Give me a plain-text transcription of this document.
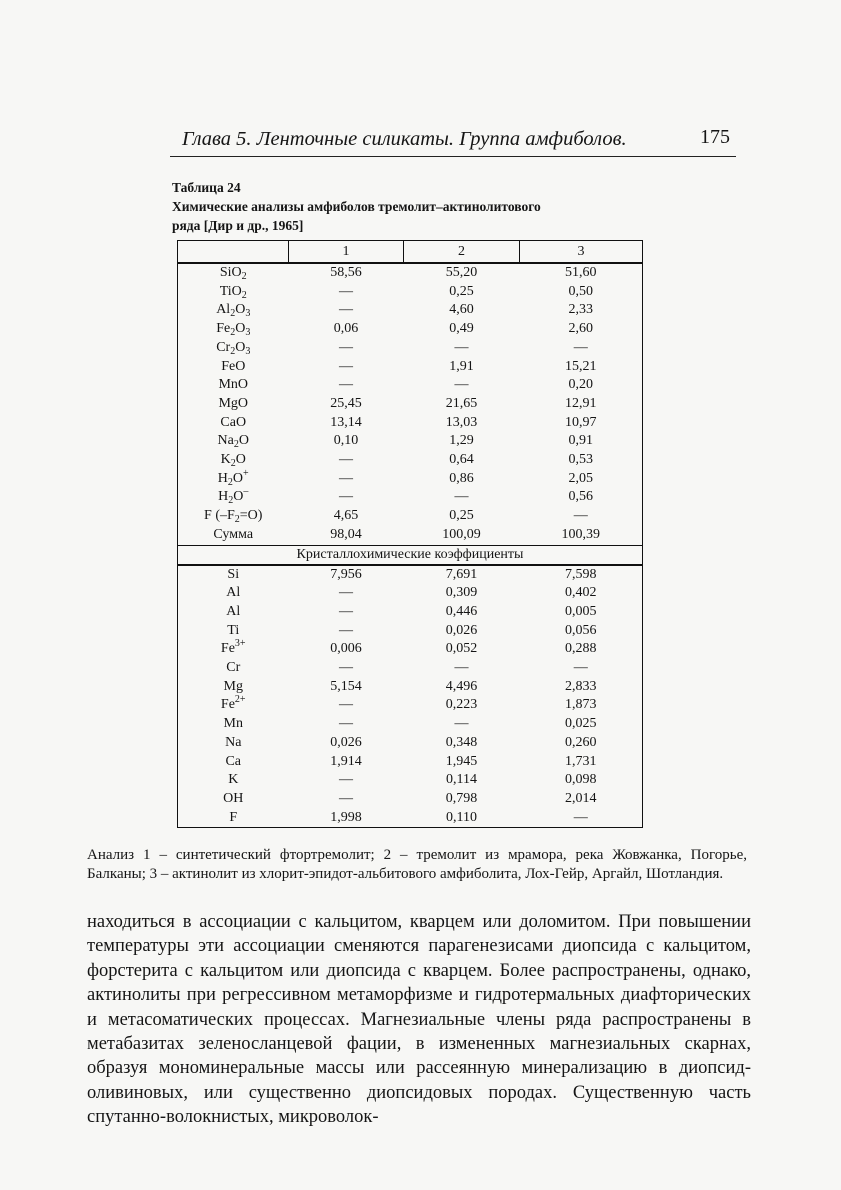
Глава 5. Ленточные силикаты. Группа амфиболов.	175
Таблица 24
Химические анализы амфиболов тремолит–актинолитового
ряда [Дир и др., 1965]
	1	2	3
SiO$_2$	58,56	55,20	51,60
TiO$_2$	—	0,25	0,50
$Al_2O_3$	—	4,60	2,33
$Fe_2O_3$	0,06	0,49	2,60
$Cr_2O_3$	—	—	—
FeO	—	1,91	15,21
MnO	—	—	0,20
MgO	25,45	21,65	12,91
CaO	13,14	13,03	10,97
$Na_2O$	0,10	1,29	0,91
$K_2O$	—	0,64	0,53
$H_2O^+$	—	0,86	2,05
$H_2O^-$	—	—	0,56
F $(-F_2=O)$	4,65	0,25	—
Сумма	98,04	100,09	100,39
Кристаллохимические коэффициенты			
Si	7,956	7,691	7,598
Al	—	0,309	0,402
Al	—	0,446	0,005
Ti	—	0,026	0,056
$Fe^{3+}$	0,006	0,052	0,288
Cr	—	—	—
Mg	5,154	4,496	2,833
$Fe^{2+}$	—	0,223	1,873
Mn	—	—	0,025
Na	0,026	0,348	0,260
Ca	1,914	1,945	1,731
K	—	0,114	0,098
OH	—	0,798	2,014
F	1,998	0,110	—
Анализ 1 – синтетический фтортремолит; 2 – тремолит из мрамора, река Жовжанка, Погорье, Балканы; 3 – актинолит из хлорит-эпидот-альбитового амфиболита, Лох-Гейр, Аргайл, Шотландия.
находиться в ассоциации с кальцитом, кварцем или доломитом. При повышении температуры эти ассоциации сменяются парагенезисами диопсида с кальцитом, форстерита с кальцитом или диопсида с кварцем. Более распространены, однако, актинолиты при регрессивном метаморфизме и гидротермальных диафторических и метасоматических процессах. Магнезиальные члены ряда распространены в метабазитах зеленосланцевой фации, в измененных магнезиальных скарнах, образуя мономинеральные массы или рассеянную минерализацию в диопсид-оливиновых, или существенно диопсидовых породах. Существенную часть спутанно-волокнистых, микроволок-
